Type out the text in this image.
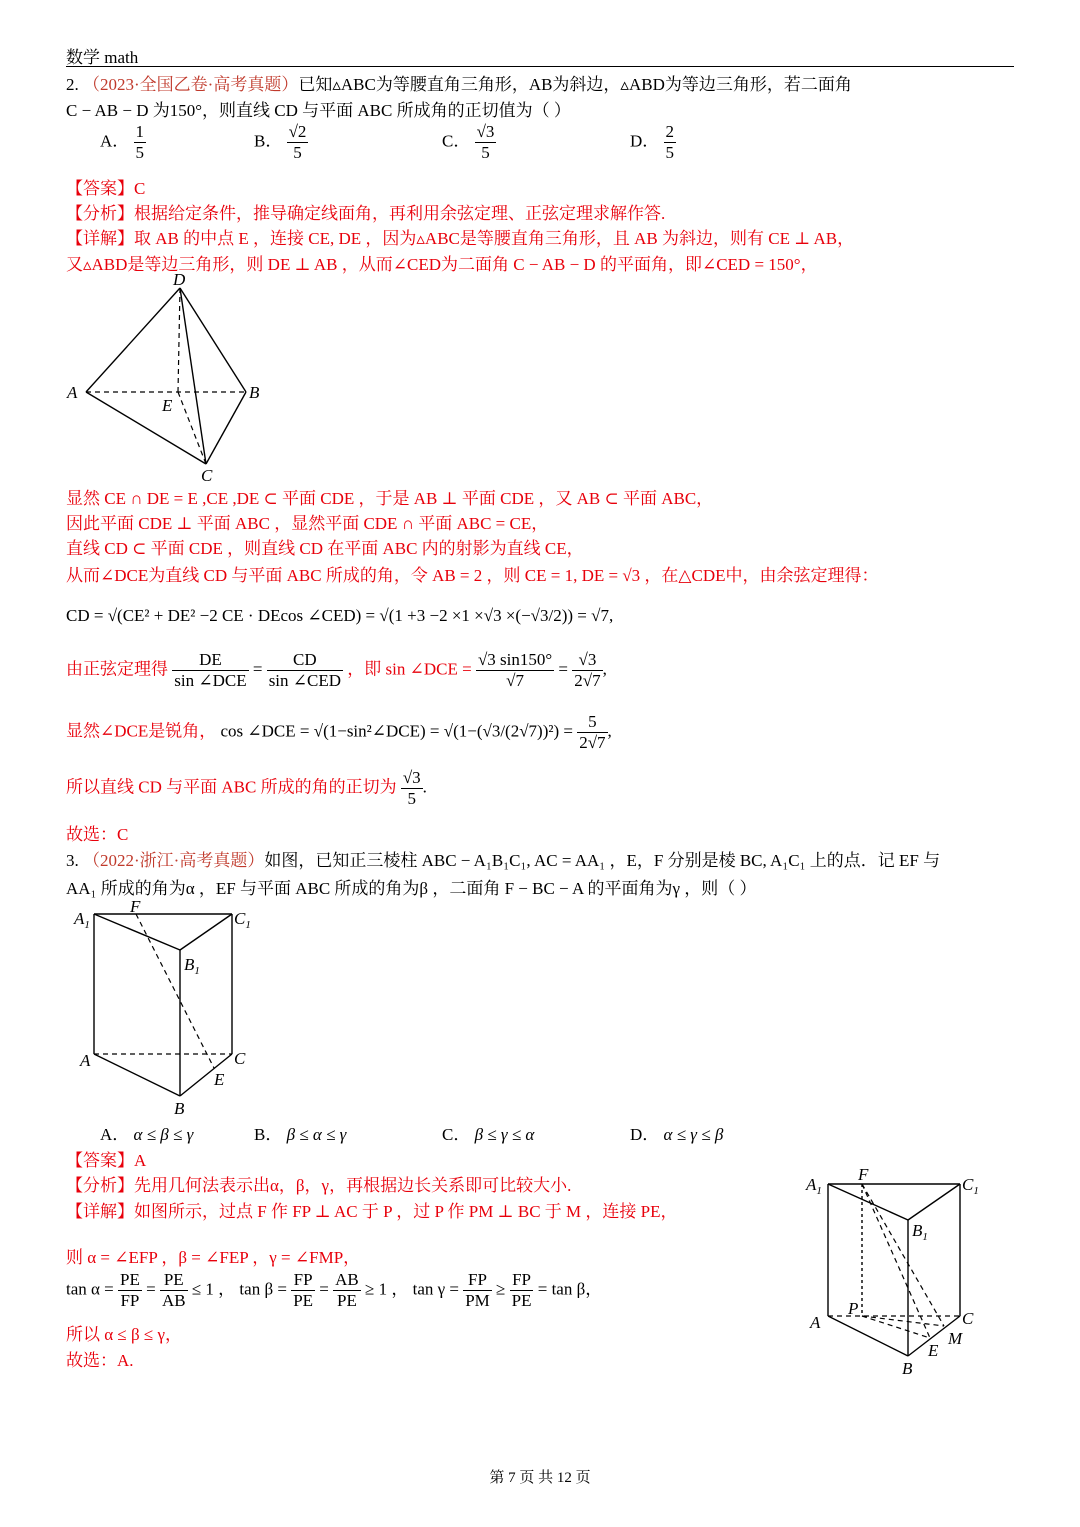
数学 math
2. （2023·全国乙卷·高考真题）已知▵ABC为等腰直角三角形，AB为斜边，▵ABD为等边三角形，若二面角
C − AB − D 为150°，则直线 CD 与平面 ABC 所成角的正切值为（ ）
A． $\frac{1}{5}$	B． $\frac{√2}{5}$	C． $\frac{√3}{5}$	D． $\frac{2}{5}$
【答案】C
【分析】根据给定条件，推导确定线面角，再利用余弦定理、正弦定理求解作答.
【详解】取 AB 的中点 E ，连接 CE, DE ，因为▵ABC是等腰直角三角形，且 AB 为斜边，则有 CE ⊥ AB，
又▵ABD是等边三角形，则 DE ⊥ AB ，从而∠CED为二面角 C − AB − D 的平面角，即∠CED = 150°，
D
A	B
E
C
显然 CE ∩ DE = E ,CE ,DE ⊂ 平面 CDE ，于是 AB ⊥ 平面 CDE ，又 AB ⊂ 平面 ABC，
因此平面 CDE ⊥ 平面 ABC ，显然平面 CDE ∩ 平面 ABC = CE，
直线 CD ⊂ 平面 CDE ，则直线 CD 在平面 ABC 内的射影为直线 CE，
从而∠DCE为直线 CD 与平面 ABC 所成的角，令 AB = 2 ，则 CE = 1, DE = √3 ，在△CDE中，由余弦定理得：
CD = √(CE² + DE² −2 CE · DEcos ∠CED) = √(1 +3 −2 ×1 ×√3 ×(−√3/2)) = √7,
由正弦定理得 $\frac{DE}{\text{sin ∠DCE}} = \frac{CD}{\text{sin ∠CED}}$ ，即 sin ∠DCE = $\frac{√3 \sin 150^\circ}{√7} = \frac{√3}{2√7}$ ,
显然∠DCE是锐角， cos ∠DCE = √(1−sin²∠DCE) = $√(1-(√3/(2√7))^2) = \frac{5}{2√7}$ ,
所以直线 CD 与平面 ABC 所成的角的正切为 $\frac{√3}{5}$ .
故选：C
3. （2022·浙江·高考真题）如图，已知正三棱柱 ABC − A₁B₁C₁, AC = AA₁ ，E，F 分别是棱 BC, A₁C₁ 上的点．记 EF 与
AA₁ 所成的角为α ，EF 与平面 ABC 所成的角为β ，二面角 F − BC − A 的平面角为γ ，则（ ）
$A_1$
F
$C_1$
$B_1$
A	C
E
B
A． α ≤ β ≤ γ	B． β ≤ α ≤ γ	C． β ≤ γ ≤ α	D． α ≤ γ ≤ β
【答案】A
【分析】先用几何法表示出α，β，γ，再根据边长关系即可比较大小.
【详解】如图所示，过点 F 作 FP ⊥ AC 于 P ，过 P 作 PM ⊥ BC 于 M ，连接 PE，
则 α = ∠EFP ，β = ∠FEP ，γ = ∠FMP，
$\tan \alpha = \frac{PE}{FP} = \frac{PE}{AB} \le 1$ ， $\tan \beta = \frac{FP}{PE} = \frac{AB}{PE} \ge 1$ ， $\tan \gamma = \frac{FP}{PM} \ge \frac{FP}{PE} = \tan \beta$，
所以 α ≤ β ≤ γ，
故选：A.
$A_1$
F
$C_1$
$B_1$
P
A	C
M
E
B
第 7 页 共 12 页
